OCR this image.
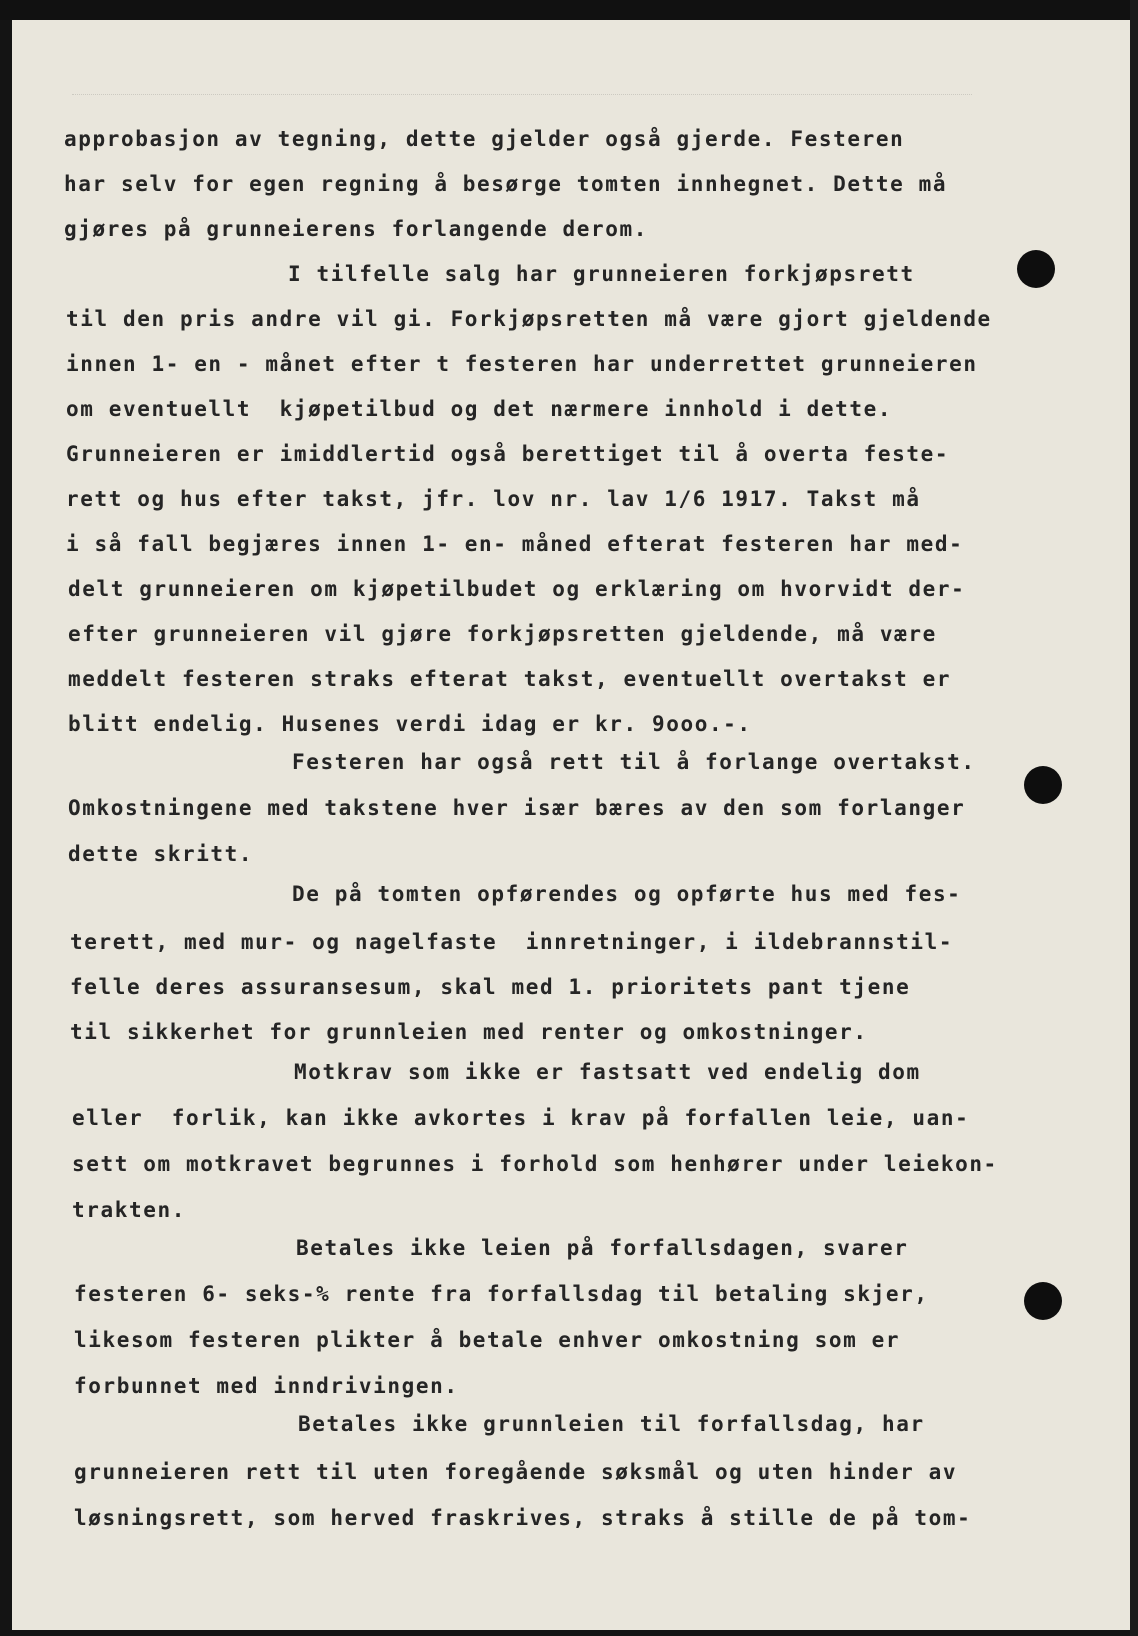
approbasjon av tegning, dette gjelder også gjerde. Festeren
har selv for egen regning å besørge tomten innhegnet. Dette må
gjøres på grunneierens forlangende derom.
I tilfelle salg har grunneieren forkjøpsrett
til den pris andre vil gi. Forkjøpsretten må være gjort gjeldende
innen 1- en - månet efter t festeren har underrettet grunneieren
om eventuellt  kjøpetilbud og det nærmere innhold i dette.
Grunneieren er imiddlertid også berettiget til å overta feste-
rett og hus efter takst, jfr. lov nr. lav 1/6 1917. Takst må
i så fall begjæres innen 1- en- måned efterat festeren har med-
delt grunneieren om kjøpetilbudet og erklæring om hvorvidt der-
efter grunneieren vil gjøre forkjøpsretten gjeldende, må være
meddelt festeren straks efterat takst, eventuellt overtakst er
blitt endelig. Husenes verdi idag er kr. 9ooo.-.
Festeren har også rett til å forlange overtakst.
Omkostningene med takstene hver især bæres av den som forlanger
dette skritt.
De på tomten opførendes og opførte hus med fes-
terett, med mur- og nagelfaste  innretninger, i ildebrannstil-
felle deres assuransesum, skal med 1. prioritets pant tjene
til sikkerhet for grunnleien med renter og omkostninger.
Motkrav som ikke er fastsatt ved endelig dom
eller  forlik, kan ikke avkortes i krav på forfallen leie, uan-
sett om motkravet begrunnes i forhold som henhører under leiekon-
trakten.
Betales ikke leien på forfallsdagen, svarer
festeren 6- seks-% rente fra forfallsdag til betaling skjer,
likesom festeren plikter å betale enhver omkostning som er
forbunnet med inndrivingen.
Betales ikke grunnleien til forfallsdag, har
grunneieren rett til uten foregående søksmål og uten hinder av
løsningsrett, som herved fraskrives, straks å stille de på tom-
